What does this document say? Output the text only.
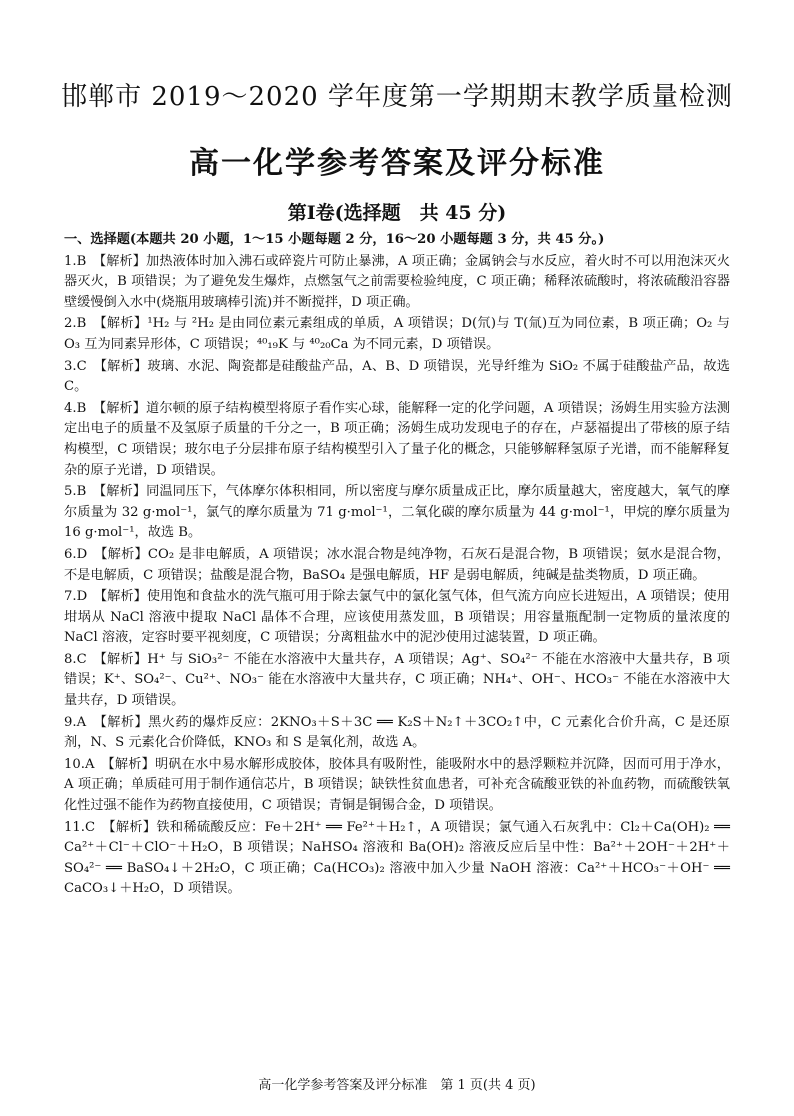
邯郸市 2019～2020 学年度第一学期期末教学质量检测
高一化学参考答案及评分标准
第Ⅰ卷(选择题　共 45 分)

一、选择题(本题共 20 小题，1～15 小题每题 2 分，16～20 小题每题 3 分，共 45 分。)

1.B　【解析】加热液体时加入沸石或碎瓷片可防止暴沸，A 项正确；金属钠会与水反应，着火时不可以用泡沫灭火器灭火，B 项错误；为了避免发生爆炸，点燃氢气之前需要检验纯度，C 项正确；稀释浓硫酸时，将浓硫酸沿容器壁缓慢倒入水中(烧瓶用玻璃棒引流)并不断搅拌，D 项正确。

2.B　【解析】¹H₂ 与 ²H₂ 是由同位素元素组成的单质，A 项错误；D(氘)与 T(氚)互为同位素，B 项正确；O₂ 与 O₃ 互为同素异形体，C 项错误；⁴⁰₁₉K 与 ⁴⁰₂₀Ca 为不同元素，D 项错误。

3.C　【解析】玻璃、水泥、陶瓷都是硅酸盐产品，A、B、D 项错误，光导纤维为 SiO₂ 不属于硅酸盐产品，故选 C。

4.B　【解析】道尔顿的原子结构模型将原子看作实心球，能解释一定的化学问题，A 项错误；汤姆生用实验方法测定出电子的质量不及氢原子质量的千分之一，B 项正确；汤姆生成功发现电子的存在，卢瑟福提出了带核的原子结构模型，C 项错误；玻尔电子分层排布原子结构模型引入了量子化的概念，只能够解释氢原子光谱，而不能解释复杂的原子光谱，D 项错误。

5.B　【解析】同温同压下，气体摩尔体积相同，所以密度与摩尔质量成正比，摩尔质量越大，密度越大，氧气的摩尔质量为 32 g·mol⁻¹，氯气的摩尔质量为 71 g·mol⁻¹，二氧化碳的摩尔质量为 44 g·mol⁻¹，甲烷的摩尔质量为 16 g·mol⁻¹，故选 B。

6.D　【解析】CO₂ 是非电解质，A 项错误；冰水混合物是纯净物，石灰石是混合物，B 项错误；氨水是混合物，不是电解质，C 项错误；盐酸是混合物，BaSO₄ 是强电解质，HF 是弱电解质，纯碱是盐类物质，D 项正确。

7.D　【解析】使用饱和食盐水的洗气瓶可用于除去氯气中的氯化氢气体，但气流方向应长进短出，A 项错误；使用坩埚从 NaCl 溶液中提取 NaCl 晶体不合理，应该使用蒸发皿，B 项错误；用容量瓶配制一定物质的量浓度的 NaCl 溶液，定容时要平视刻度，C 项错误；分离粗盐水中的泥沙使用过滤装置，D 项正确。

8.C　【解析】H⁺ 与 SiO₃²⁻ 不能在水溶液中大量共存，A 项错误；Ag⁺、SO₄²⁻ 不能在水溶液中大量共存，B 项错误；K⁺、SO₄²⁻、Cu²⁺、NO₃⁻ 能在水溶液中大量共存，C 项正确；NH₄⁺、OH⁻、HCO₃⁻ 不能在水溶液中大量共存，D 项错误。

9.A　【解析】黑火药的爆炸反应：2KNO₃＋S＋3C ══ K₂S＋N₂↑＋3CO₂↑中，C 元素化合价升高，C 是还原剂，N、S 元素化合价降低，KNO₃ 和 S 是氧化剂，故选 A。

10.A　【解析】明矾在水中易水解形成胶体，胶体具有吸附性，能吸附水中的悬浮颗粒并沉降，因而可用于净水，A 项正确；单质硅可用于制作通信芯片，B 项错误；缺铁性贫血患者，可补充含硫酸亚铁的补血药物，而硫酸铁氧化性过强不能作为药物直接使用，C 项错误；青铜是铜锡合金，D 项错误。

11.C　【解析】铁和稀硫酸反应：Fe＋2H⁺ ══ Fe²⁺＋H₂↑，A 项错误；氯气通入石灰乳中：Cl₂＋Ca(OH)₂ ══ Ca²⁺＋Cl⁻＋ClO⁻＋H₂O，B 项错误；NaHSO₄ 溶液和 Ba(OH)₂ 溶液反应后呈中性：Ba²⁺＋2OH⁻＋2H⁺＋SO₄²⁻ ══ BaSO₄↓＋2H₂O，C 项正确；Ca(HCO₃)₂ 溶液中加入少量 NaOH 溶液：Ca²⁺＋HCO₃⁻＋OH⁻ ══ CaCO₃↓＋H₂O，D 项错误。

高一化学参考答案及评分标准　第 1 页(共 4 页)
